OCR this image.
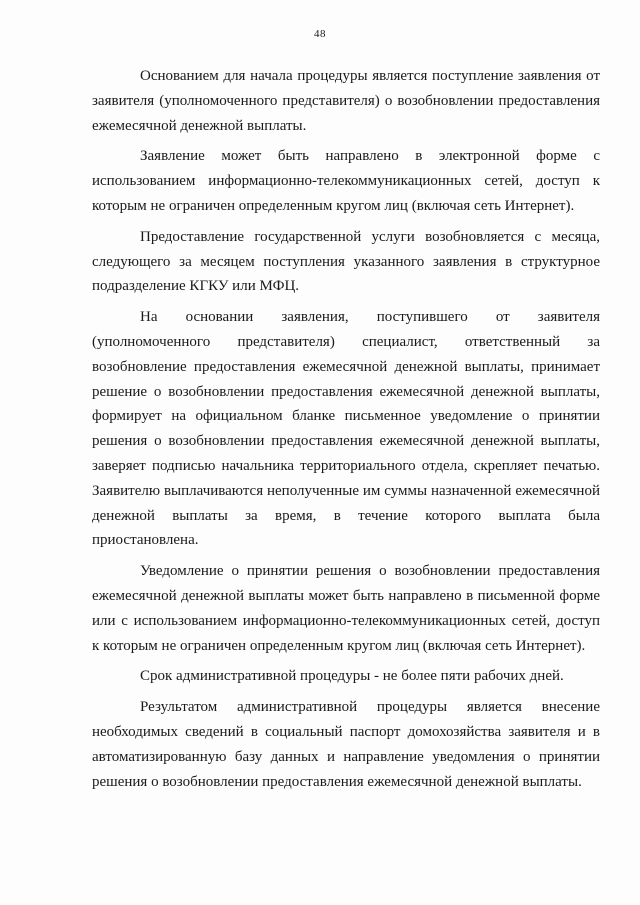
48

Основанием для начала процедуры является поступление заявления от заявителя (уполномоченного представителя) о возобновлении предоставления ежемесячной денежной выплаты.

Заявление может быть направлено в электронной форме с использованием информационно-телекоммуникационных сетей, доступ к которым не ограничен определенным кругом лиц (включая сеть Интернет).

Предоставление государственной услуги возобновляется с месяца, следующего за месяцем поступления указанного заявления в структурное подразделение КГКУ или МФЦ.

На основании заявления, поступившего от заявителя (уполномоченного представителя) специалист, ответственный за возобновление предоставления ежемесячной денежной выплаты, принимает решение о возобновлении предоставления ежемесячной денежной выплаты, формирует на официальном бланке письменное уведомление о принятии решения о возобновлении предоставления ежемесячной денежной выплаты, заверяет подписью начальника территориального отдела, скрепляет печатью. Заявителю выплачиваются неполученные им суммы назначенной ежемесячной денежной выплаты за время, в течение которого выплата была приостановлена.

Уведомление о принятии решения о возобновлении предоставления ежемесячной денежной выплаты может быть направлено в письменной форме или с использованием информационно-телекоммуникационных сетей, доступ к которым не ограничен определенным кругом лиц (включая сеть Интернет).

Срок административной процедуры - не более пяти рабочих дней.

Результатом административной процедуры является внесение необходимых сведений в социальный паспорт домохозяйства заявителя и в автоматизированную базу данных и направление уведомления о принятии решения о возобновлении предоставления ежемесячной денежной выплаты.
